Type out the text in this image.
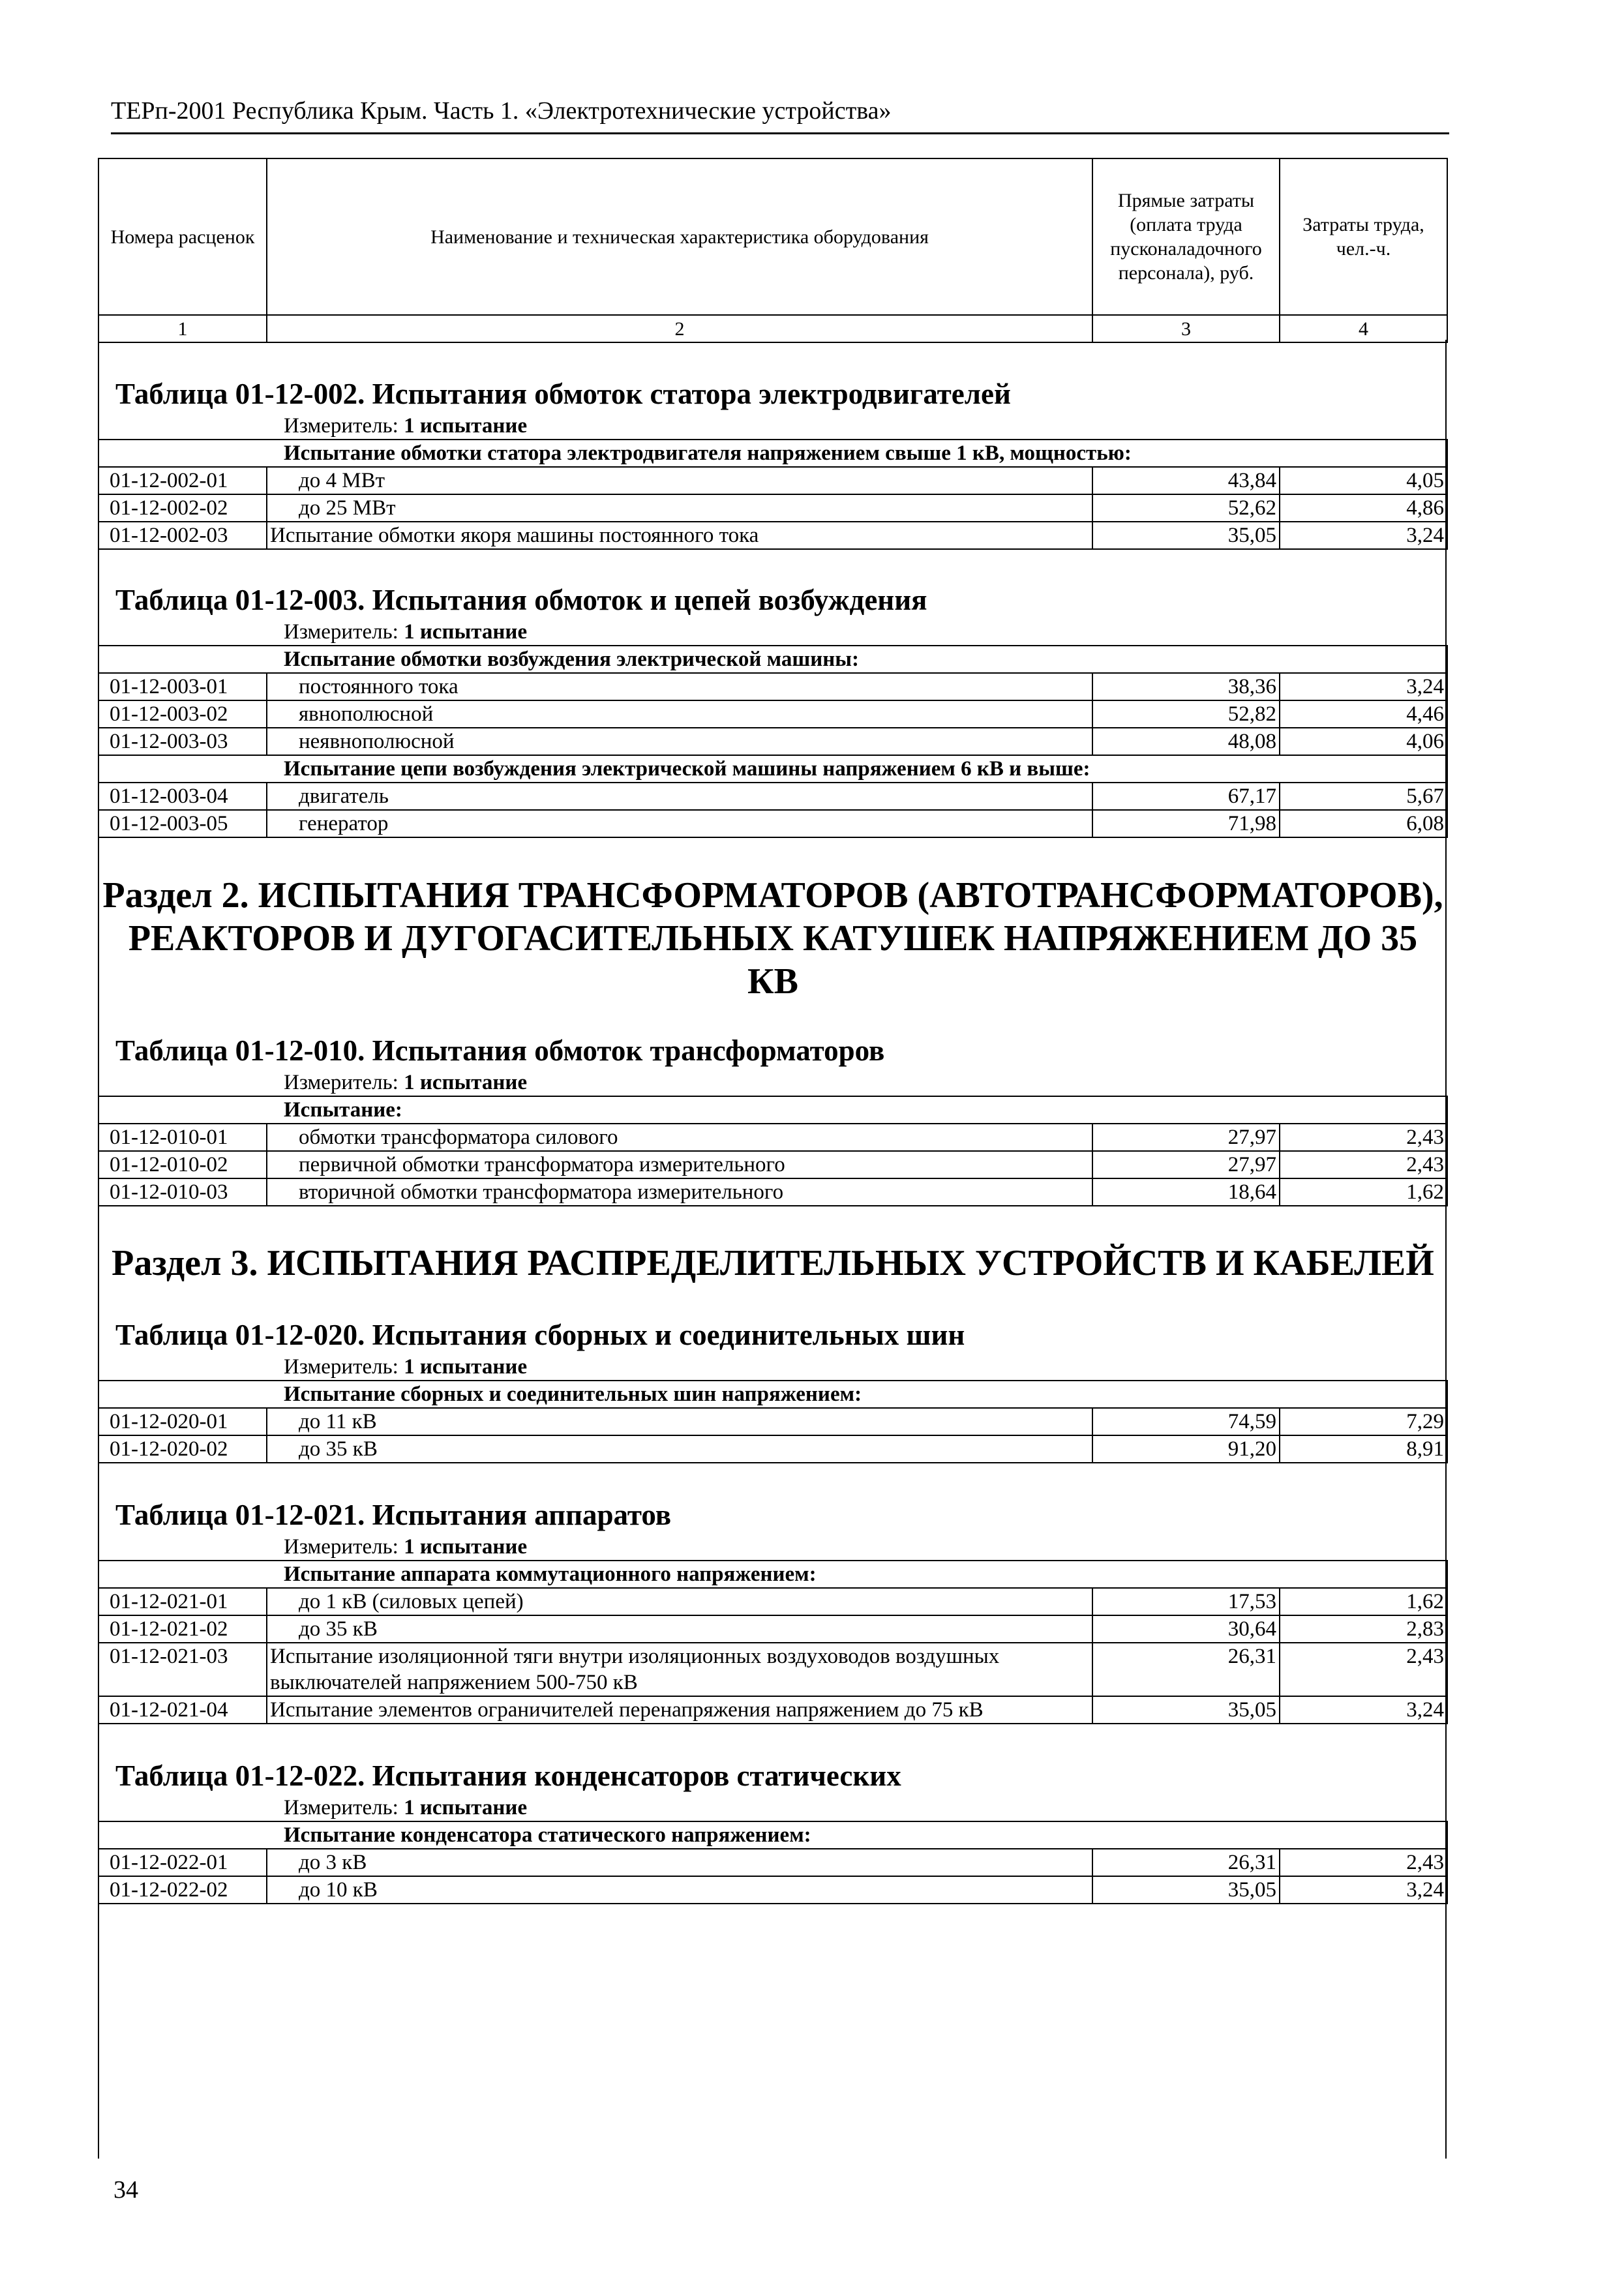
ТЕРп-2001 Республика Крым. Часть 1. «Электротехнические устройства»
Номера расценок	Наименование и техническая характеристика оборудования	Прямые затраты (оплата труда пусконаладочного персонала), руб.	Затраты труда, чел.-ч.
1	2	3	4
Таблица 01-12-002. Испытания обмоток статора электродвигателей
Измеритель: 1 испытание
Испытание обмотки статора электродвигателя напряжением свыше 1 кВ, мощностью:			
01-12-002-01	до 4 МВт	43,84	4,05
01-12-002-02	до 25 МВт	52,62	4,86
01-12-002-03	Испытание обмотки якоря машины постоянного тока	35,05	3,24
Таблица 01-12-003. Испытания обмоток и цепей возбуждения
Измеритель: 1 испытание
Испытание обмотки возбуждения электрической машины:			
01-12-003-01	постоянного тока	38,36	3,24
01-12-003-02	явнополюсной	52,82	4,46
01-12-003-03	неявнополюсной	48,08	4,06
Испытание цепи возбуждения электрической машины напряжением 6 кВ и выше:			
01-12-003-04	двигатель	67,17	5,67
01-12-003-05	генератор	71,98	6,08
Раздел 2. ИСПЫТАНИЯ ТРАНСФОРМАТОРОВ (АВТОТРАНСФОРМАТОРОВ), РЕАКТОРОВ И ДУГОГАСИТЕЛЬНЫХ КАТУШЕК НАПРЯЖЕНИЕМ ДО 35 КВ
Таблица 01-12-010. Испытания обмоток трансформаторов
Измеритель: 1 испытание
Испытание:			
01-12-010-01	обмотки трансформатора силового	27,97	2,43
01-12-010-02	первичной обмотки трансформатора измерительного	27,97	2,43
01-12-010-03	вторичной обмотки трансформатора измерительного	18,64	1,62
Раздел 3. ИСПЫТАНИЯ РАСПРЕДЕЛИТЕЛЬНЫХ УСТРОЙСТВ И КАБЕЛЕЙ
Таблица 01-12-020. Испытания сборных и соединительных шин
Измеритель: 1 испытание
Испытание сборных и соединительных шин напряжением:			
01-12-020-01	до 11 кВ	74,59	7,29
01-12-020-02	до 35 кВ	91,20	8,91
Таблица 01-12-021. Испытания аппаратов
Измеритель: 1 испытание
Испытание аппарата коммутационного напряжением:			
01-12-021-01	до 1 кВ (силовых цепей)	17,53	1,62
01-12-021-02	до 35 кВ	30,64	2,83
01-12-021-03	Испытание изоляционной тяги внутри изоляционных воздуховодов воздушных выключателей напряжением 500-750 кВ	26,31	2,43
01-12-021-04	Испытание элементов ограничителей перенапряжения напряжением до 75 кВ	35,05	3,24
Таблица 01-12-022. Испытания конденсаторов статических
Измеритель: 1 испытание
Испытание конденсатора статического напряжением:			
01-12-022-01	до 3 кВ	26,31	2,43
01-12-022-02	до 10 кВ	35,05	3,24
34
